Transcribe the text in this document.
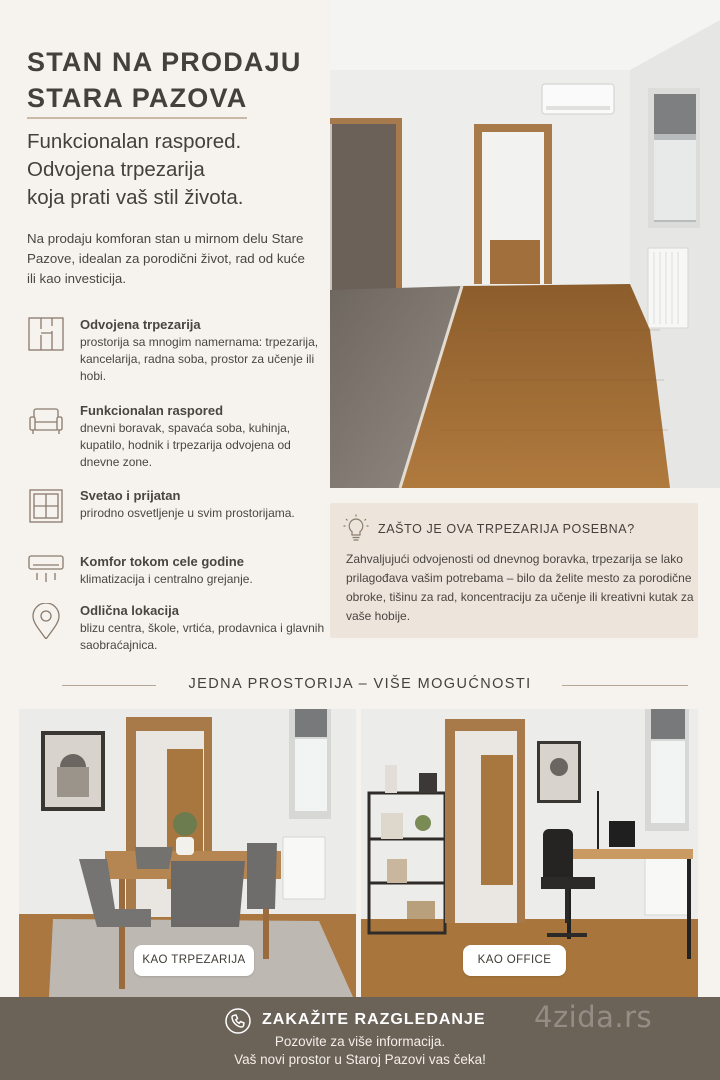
STAN NA PRODAJU
STARA PAZOVA
Funkcionalan raspored.
Odvojena trpezarija
koja prati vaš stil života.
Na prodaju komforan stan u mirnom delu Stare Pazove, idealan za porodični život, rad od kuće ili kao investicija.
Odvojena trpezarija
prostorija sa mnogim namernama: trpezarija, kancelarija, radna soba, prostor za učenje ili hobi.
Funkcionalan raspored
dnevni boravak, spavaća soba, kuhinja, kupatilo, hodnik i trpezarija odvojena od dnevne zone.
Svetao i prijatan
prirodno osvetljenje u svim prostorijama.
Komfor tokom cele godine
klimatizacija i centralno grejanje.
Odlična lokacija
blizu centra, škole, vrtića, prodavnica i glavnih saobraćajnica.
ZAŠTO JE OVA TRPEZARIJA POSEBNA?
Zahvaljujući odvojenosti od dnevnog boravka, trpezarija se lako prilagođava vašim potrebama – bilo da želite mesto za porodične obroke, tišinu za rad, koncentraciju za učenje ili kreativni kutak za vaše hobije.
JEDNA PROSTORIJA – VIŠE MOGUĆNOSTI
KAO TRPEZARIJA	KAO OFFICE
ZAKAŽITE RAZGLEDANJE
Pozovite za više informacija.
Vaš novi prostor u Staroj Pazovi vas čeka!
4zida.rs
